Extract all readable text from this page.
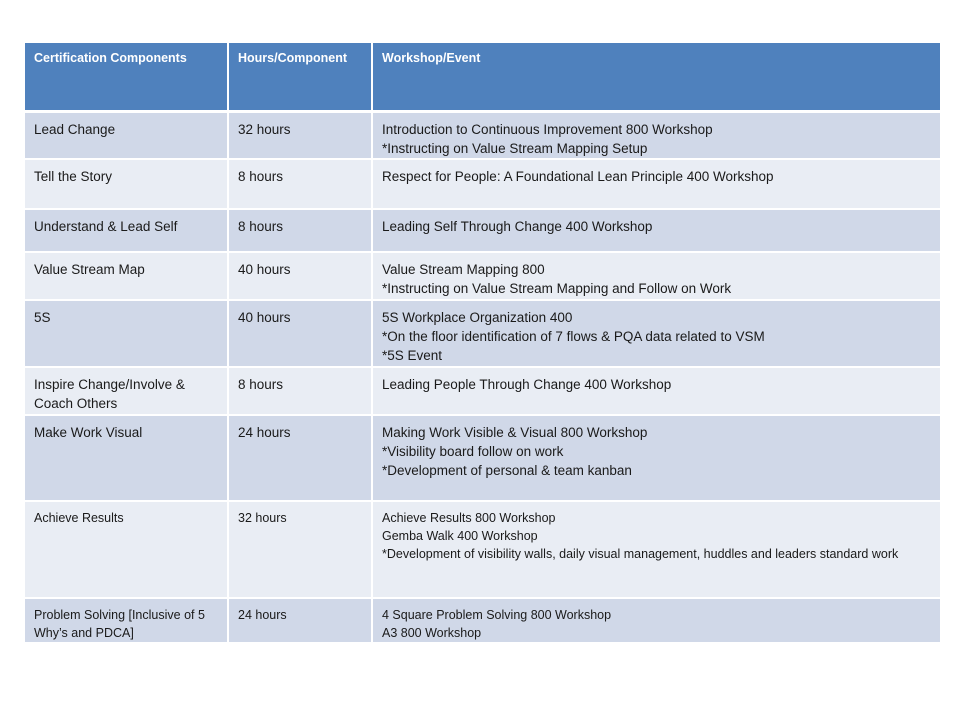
Certification Components	Hours/Component	Workshop/Event
Lead Change	32 hours	Introduction to Continuous Improvement 800 Workshop
*Instructing on Value Stream Mapping Setup

Tell the Story	8 hours	Respect for People: A Foundational Lean Principle 400 Workshop

Understand & Lead Self	8 hours	Leading Self Through Change 400 Workshop

Value Stream Map	40 hours	Value Stream Mapping 800
*Instructing on Value Stream Mapping and Follow on Work

5S	40 hours	5S Workplace Organization 400
*On the floor identification of 7 flows & PQA data related to VSM
*5S Event

Inspire Change/Involve & Coach Others	8 hours	Leading People Through Change 400 Workshop

Make Work Visual	24 hours	Making Work Visible & Visual 800 Workshop
*Visibility board follow on work
*Development of personal & team kanban

Achieve Results	32 hours	Achieve Results 800 Workshop
Gemba Walk 400 Workshop
*Development of visibility walls, daily visual management, huddles and leaders standard work

Problem Solving [Inclusive of 5 Why’s and PDCA]	24 hours	4 Square Problem Solving 800 Workshop
A3 800 Workshop
